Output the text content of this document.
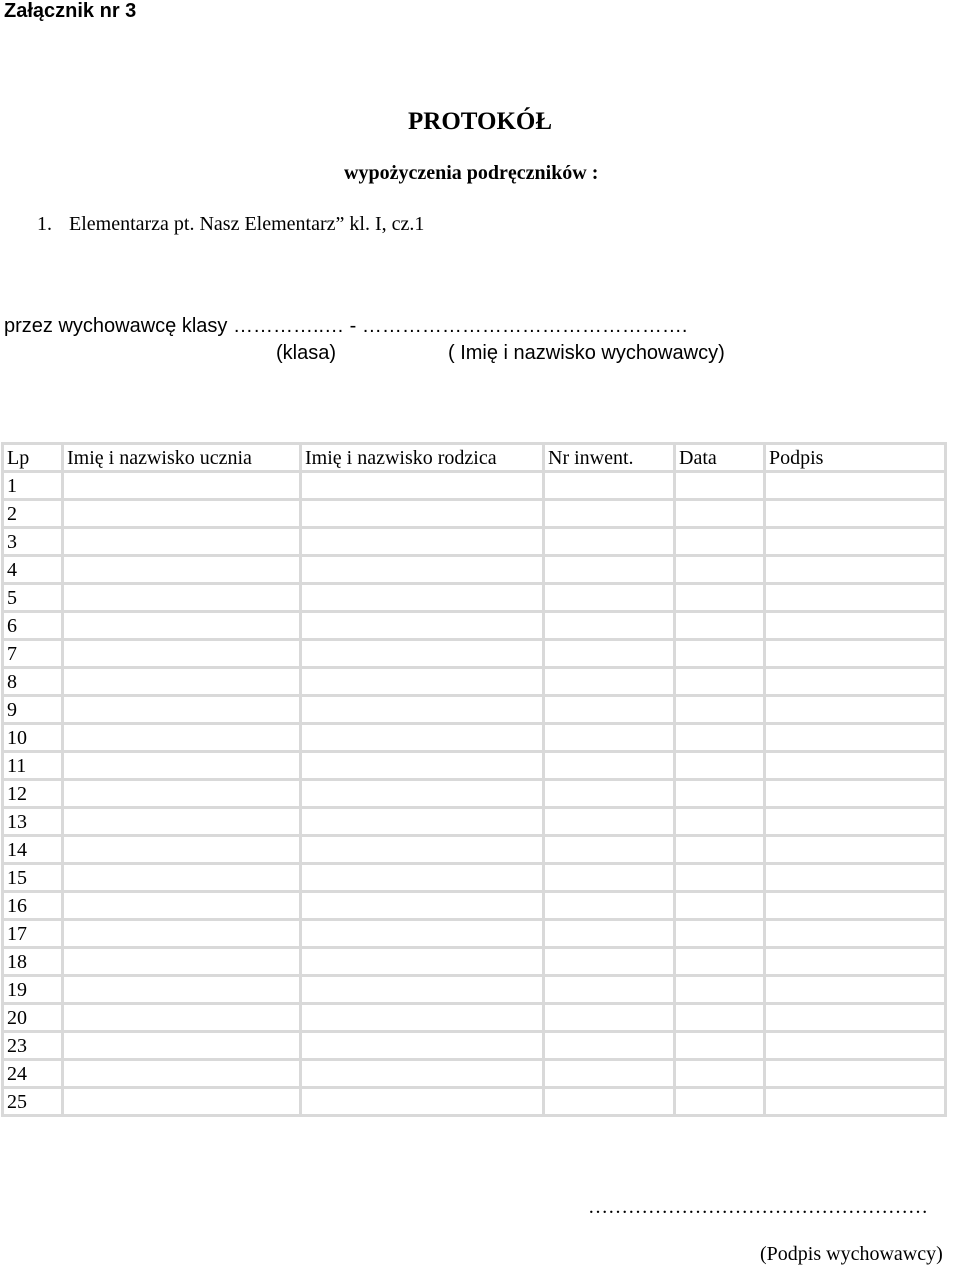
Załącznik nr 3
PROTOKÓŁ
wypożyczenia podręczników :
1. Elementarza pt. Nasz Elementarz” kl. I, cz.1
przez wychowawcę klasy …………..… - ………………………………………….
(klasa)	( Imię i nazwisko wychowawcy)
Lp	Imię i nazwisko ucznia	Imię i nazwisko rodzica	Nr inwent.	Data	Podpis
1					
2					
3					
4					
5					
6					
7					
8					
9					
10					
11					
12					
13					
14					
15					
16					
17					
18					
19					
20					
23					
24					
25					
……………………………………………
(Podpis wychowawcy)
